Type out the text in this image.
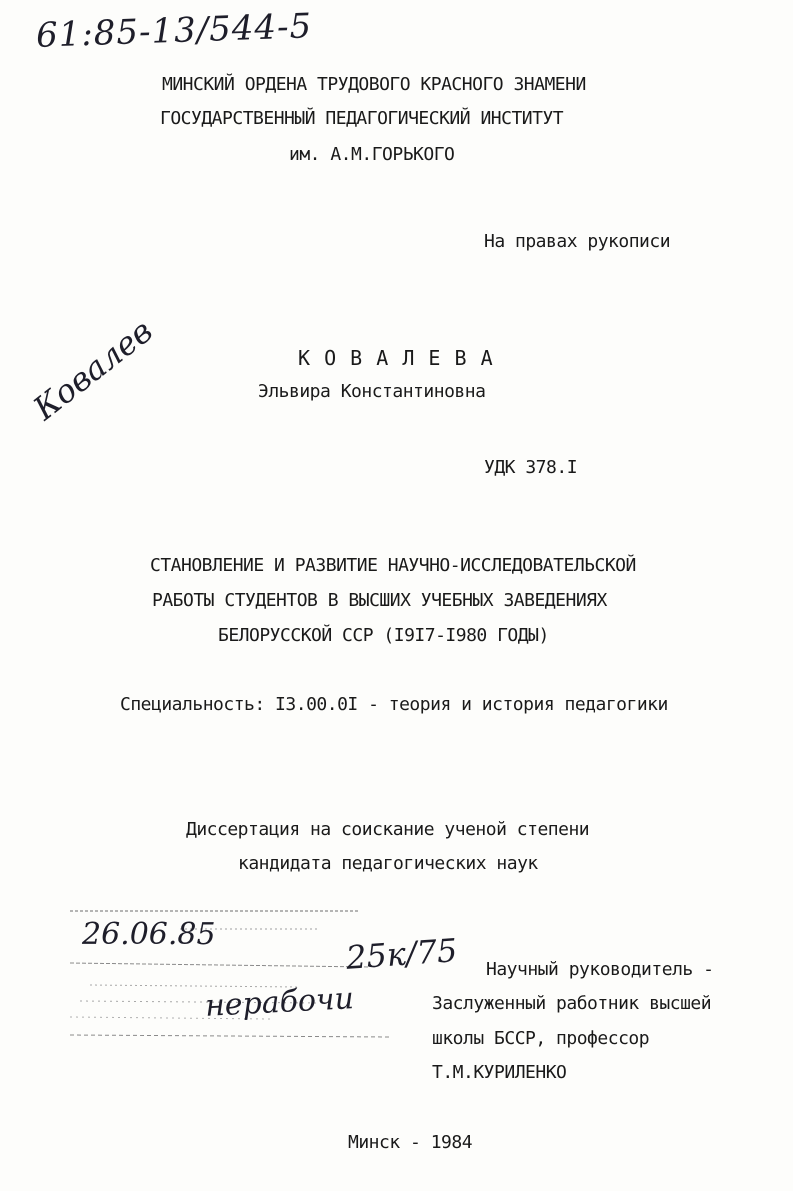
61:85-13/544-5
МИНСКИЙ ОРДЕНА ТРУДОВОГО КРАСНОГО ЗНАМЕНИ
ГОСУДАРСТВЕННЫЙ ПЕДАГОГИЧЕСКИЙ ИНСТИТУТ
им. А.М.ГОРЬКОГО
На правах рукописи
Ковалев	К О В А Л Е В А
Эльвира Константиновна
УДК 378.I
СТАНОВЛЕНИЕ И РАЗВИТИЕ НАУЧНО-ИССЛЕДОВАТЕЛЬСКОЙ
РАБОТЫ СТУДЕНТОВ В ВЫСШИХ УЧЕБНЫХ ЗАВЕДЕНИЯХ
БЕЛОРУССКОЙ ССР (I9I7-I980 ГОДЫ)
Специальность: I3.00.0I - теория и история педагогики
Диссертация на соискание ученой степени
кандидата педагогических наук
26.06.85	25к/75
нерабочи
Научный руководитель -
Заслуженный работник высшей
школы БССР, профессор
Т.М.КУРИЛЕНКО
Минск - 1984
